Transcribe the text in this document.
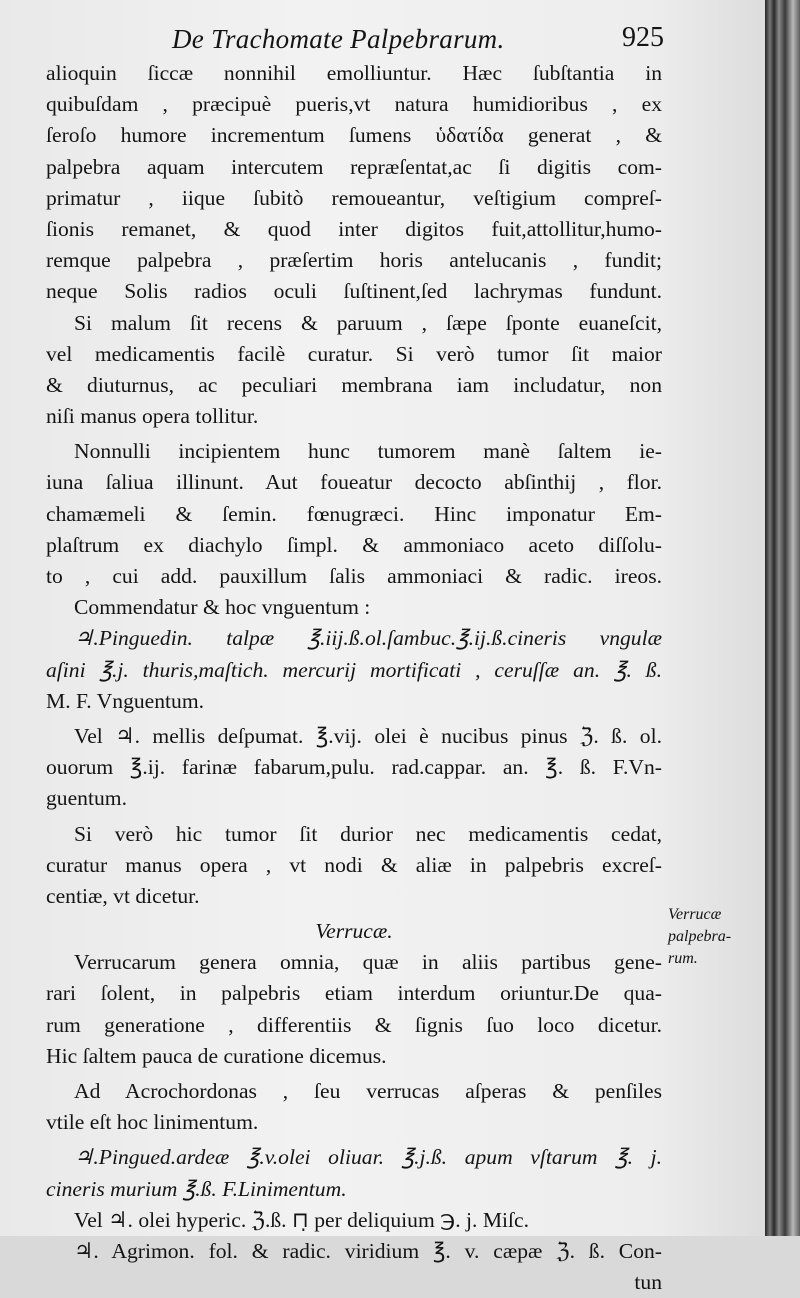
De Trachomate Palpebrarum.	925
alioquin ſiccæ nonnihil emolliuntur. Hæc ſubſtantia in
quibuſdam , præcipuè pueris,vt natura humidioribus , ex
ſeroſo humore incrementum ſumens ὑδατίδα generat , &
palpebra aquam intercutem repræſentat,ac ſi digitis com-
primatur , iique ſubitò remoueantur, veſtigium compreſ-
ſionis remanet, & quod inter digitos fuit,attollitur,humo-
remque palpebra , præſertim horis antelucanis , fundit;
neque Solis radios oculi ſuſtinent,ſed lachrymas fundunt.
Si malum ſit recens & paruum , ſæpe ſponte euaneſcit,
vel medicamentis facilè curatur. Si verò tumor ſit maior
& diuturnus, ac peculiari membrana iam includatur, non
niſi manus opera tollitur.
Nonnulli incipientem hunc tumorem manè ſaltem ie-
iuna ſaliua illinunt. Aut foueatur decocto abſinthij , flor.
chamæmeli & ſemin. fœnugræci. Hinc imponatur Em-
plaſtrum ex diachylo ſimpl. & ammoniaco aceto diſſolu-
to , cui add. pauxillum ſalis ammoniaci & radic. ireos.
Commendatur & hoc vnguentum :
♃.Pinguedin. talpæ ℥.iij.ß.ol.ſambuc.℥.ij.ß.cineris vngulæ
aſini ℥.j. thuris,maſtich. mercurij mortificati , ceruſſæ an. ℥. ß.
M. F. Vnguentum.
Vel ♃. mellis deſpumat. ℥.vij. olei è nucibus pinus ℨ. ß. ol.
ouorum ℥.ij. farinæ fabarum,pulu. rad.cappar. an. ℥. ß. F.Vn-
guentum.
Si verò hic tumor ſit durior nec medicamentis cedat,
curatur manus opera , vt nodi & aliæ in palpebris excreſ-
centiæ, vt dicetur.
Verrucæ.
Verrucarum genera omnia, quæ in aliis partibus gene-
rari ſolent, in palpebris etiam interdum oriuntur.De qua-
rum generatione , differentiis & ſignis ſuo loco dicetur.
Hic ſaltem pauca de curatione dicemus.
Ad Acrochordonas , ſeu verrucas aſperas & penſiles
vtile eſt hoc linimentum.
♃.Pingued.ardeæ ℥.v.olei oliuar. ℥.j.ß. apum vſtarum ℥. j.
cineris murium ℥.ß. F.Linimentum.
Vel ♃. olei hyperic. ℨ.ß. ⊓̣ per deliquium ℈. j. Miſc.
♃. Agrimon. fol. & radic. viridium ℥. v. cæpæ ℨ. ß. Con-
tun
Verrucæ
palpebra-
rum.
